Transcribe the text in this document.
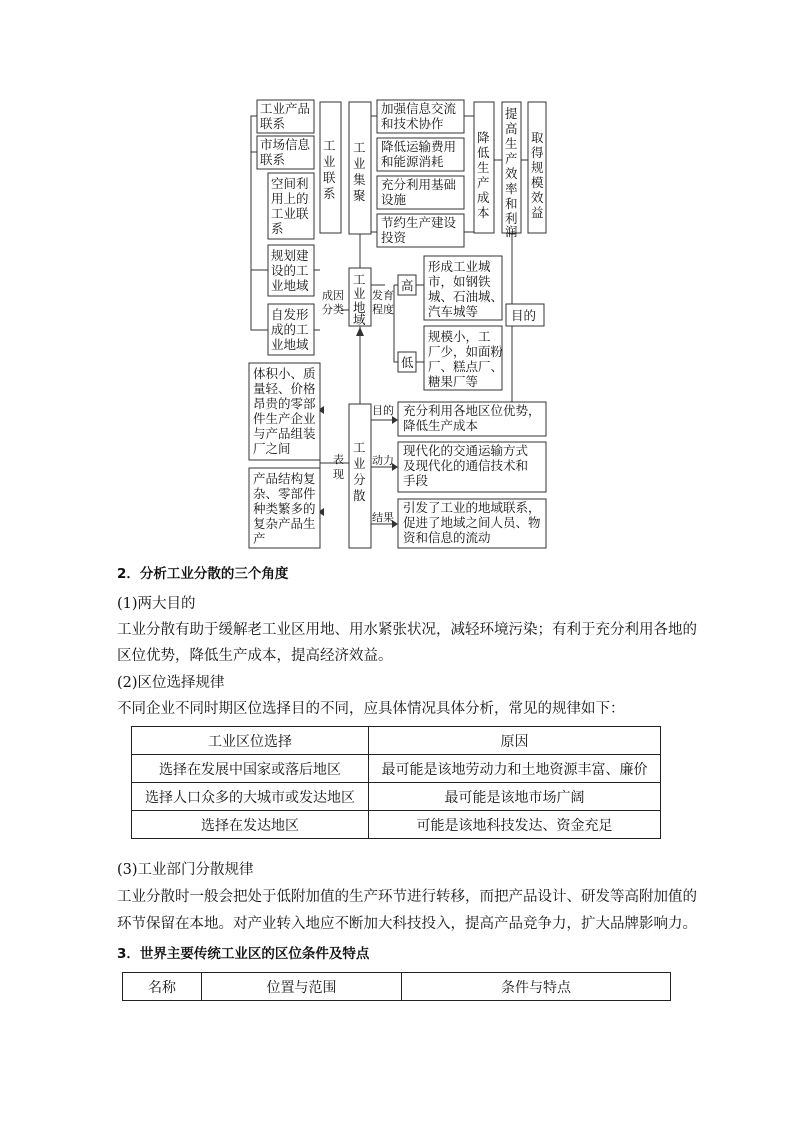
工业产品联系
市场信息联系
空间利用上的工业联系
规划建设的工业地域
自发形成的工业地域
工业联系
工业集聚
工业地域
工业分散
降低生产成本
提高生产效率和利润
取得规模效益
加强信息交流和技术协作
降低运输费用和能源消耗
充分利用基础设施
节约生产建设投资
成因分类
发育程度
高
低
形成工业城市，如钢铁城、石油城、汽车城等
规模小，工厂少，如面粉厂、糕点厂、糖果厂等
目的
体积小、质量轻、价格昂贵的零部件生产企业与产品组装厂之间
产品结构复杂、零部件种类繁多的复杂产品生产
表现
目的
动力
结果
充分利用各地区位优势，降低生产成本
现代化的交通运输方式及现代化的通信技术和手段
引发了工业的地域联系，促进了地域之间人员、物资和信息的流动
2．分析工业分散的三个角度
(1)两大目的
工业分散有助于缓解老工业区用地、用水紧张状况，减轻环境污染；有利于充分利用各地的
区位优势，降低生产成本，提高经济效益。
(2)区位选择规律
不同企业不同时期区位选择目的不同，应具体情况具体分析，常见的规律如下：
工业区位选择	原因
选择在发展中国家或落后地区	最可能是该地劳动力和土地资源丰富、廉价
选择人口众多的大城市或发达地区	最可能是该地市场广阔
选择在发达地区	可能是该地科技发达、资金充足
(3)工业部门分散规律
工业分散时一般会把处于低附加值的生产环节进行转移，而把产品设计、研发等高附加值的
环节保留在本地。对产业转入地应不断加大科技投入，提高产品竞争力，扩大品牌影响力。
3．世界主要传统工业区的区位条件及特点
名称	位置与范围	条件与特点
